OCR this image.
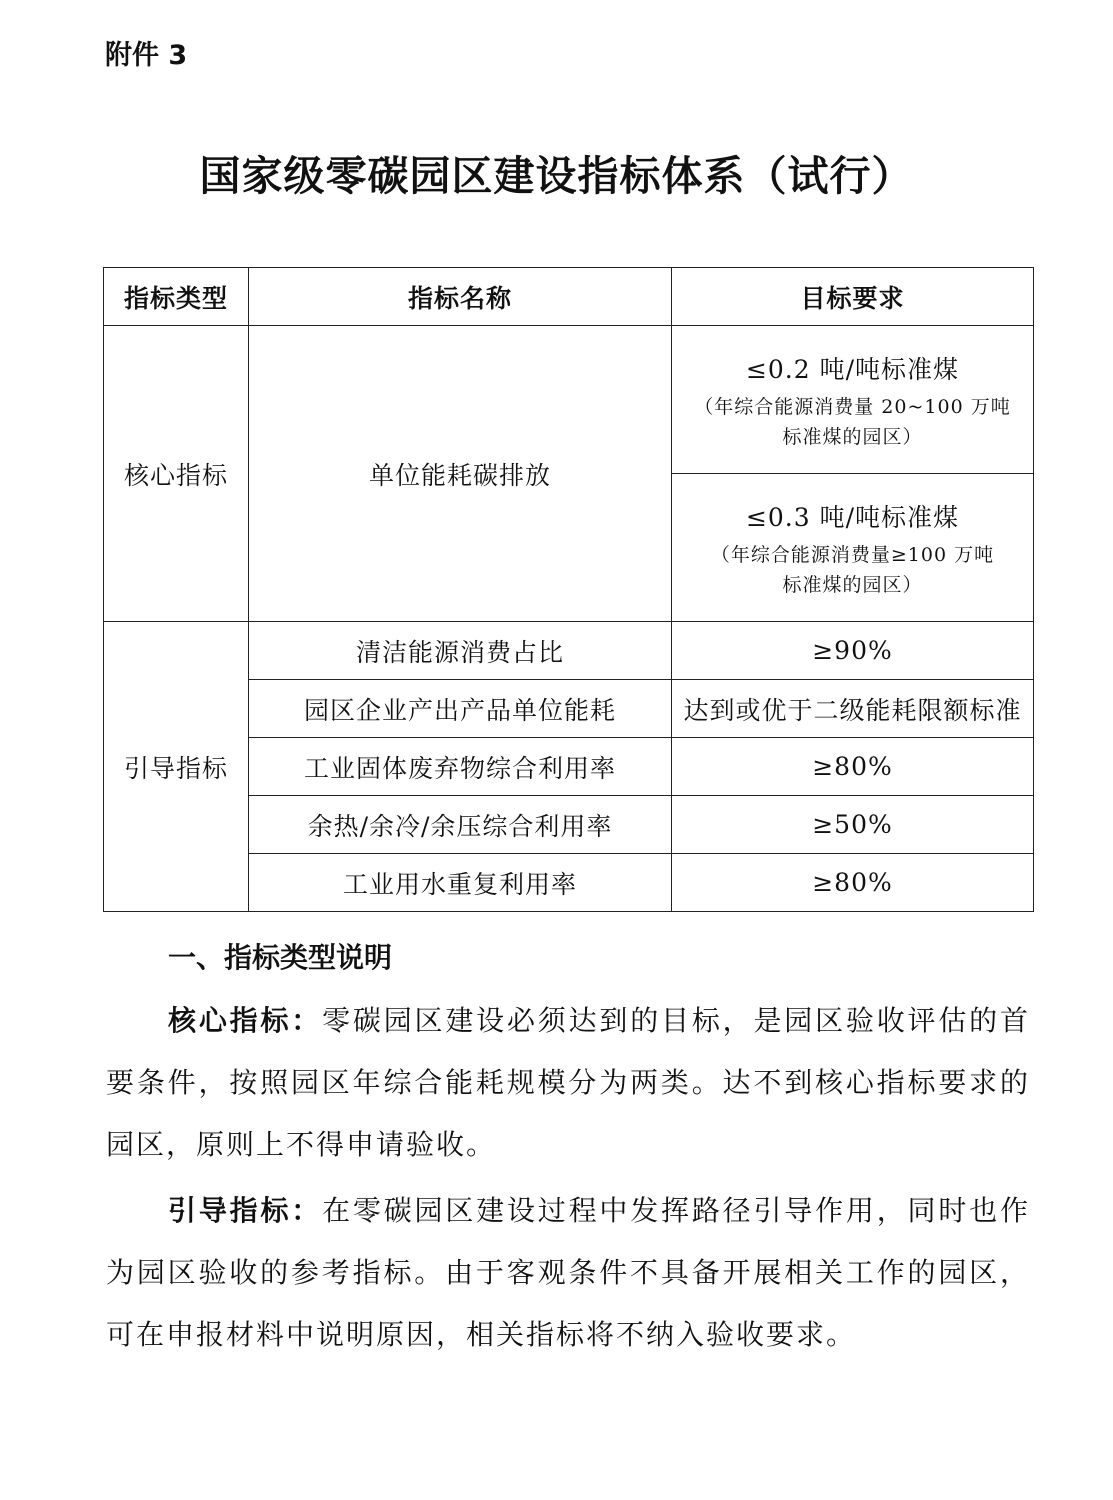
附件 3
国家级零碳园区建设指标体系（试行）
指标类型	指标名称	目标要求
核心指标	单位能耗碳排放	≤0.2 吨/吨标准煤
（年综合能源消费量 20~100 万吨
标准煤的园区）

		≤0.3 吨/吨标准煤
（年综合能源消费量≥100 万吨
标准煤的园区）

引导指标	清洁能源消费占比	≥90%
	园区企业产出产品单位能耗	达到或优于二级能耗限额标准
	工业固体废弃物综合利用率	≥80%
	余热/余冷/余压综合利用率	≥50%
	工业用水重复利用率	≥80%
一、指标类型说明
核心指标：零碳园区建设必须达到的目标，是园区验收评估的首要条件，按照园区年综合能耗规模分为两类。达不到核心指标要求的园区，原则上不得申请验收。
引导指标：在零碳园区建设过程中发挥路径引导作用，同时也作为园区验收的参考指标。由于客观条件不具备开展相关工作的园区，可在申报材料中说明原因，相关指标将不纳入验收要求。
